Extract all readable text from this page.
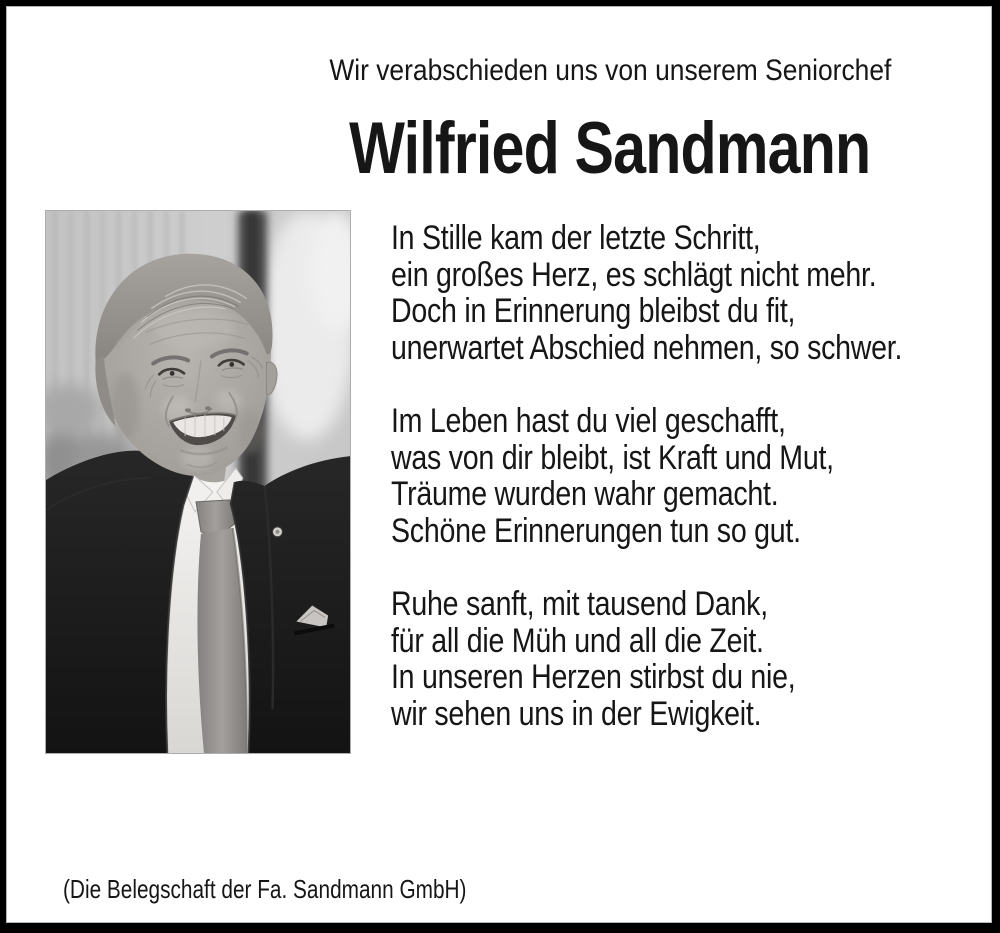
Wir verabschieden uns von unserem Seniorchef
Wilfried Sandmann
In Stille kam der letzte Schritt,
ein großes Herz, es schlägt nicht mehr.
Doch in Erinnerung bleibst du fit,
unerwartet Abschied nehmen, so schwer.
Im Leben hast du viel geschafft,
was von dir bleibt, ist Kraft und Mut,
Träume wurden wahr gemacht.
Schöne Erinnerungen tun so gut.
Ruhe sanft, mit tausend Dank,
für all die Müh und all die Zeit.
In unseren Herzen stirbst du nie,
wir sehen uns in der Ewigkeit.
(Die Belegschaft der Fa. Sandmann GmbH)
